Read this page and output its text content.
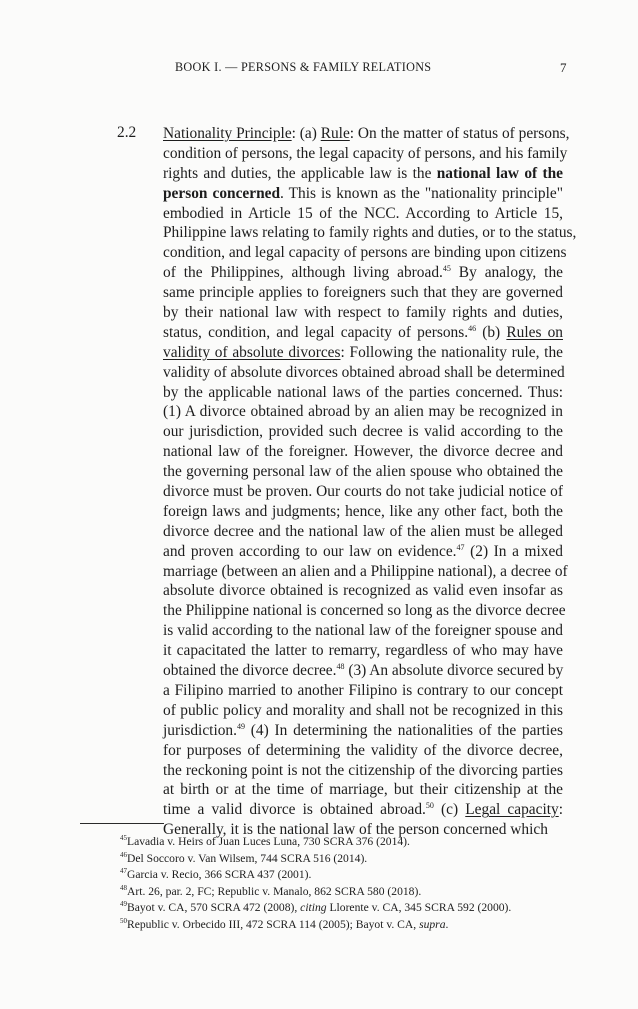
BOOK I. — PERSONS & FAMILY RELATIONS	7
2.2 Nationality Principle: (a) Rule: On the matter of status of persons,
condition of persons, the legal capacity of persons, and his family
rights and duties, the applicable law is the national law of the
person concerned. This is known as the "nationality principle"
embodied in Article 15 of the NCC. According to Article 15,
Philippine laws relating to family rights and duties, or to the status,
condition, and legal capacity of persons are binding upon citizens
of the Philippines, although living abroad.$^{45}$ By analogy, the
same principle applies to foreigners such that they are governed
by their national law with respect to family rights and duties,
status, condition, and legal capacity of persons.$^{46}$ (b) Rules on
validity of absolute divorces: Following the nationality rule, the
validity of absolute divorces obtained abroad shall be determined
by the applicable national laws of the parties concerned. Thus:
(1) A divorce obtained abroad by an alien may be recognized in
our jurisdiction, provided such decree is valid according to the
national law of the foreigner. However, the divorce decree and
the governing personal law of the alien spouse who obtained the
divorce must be proven. Our courts do not take judicial notice of
foreign laws and judgments; hence, like any other fact, both the
divorce decree and the national law of the alien must be alleged
and proven according to our law on evidence.$^{47}$ (2) In a mixed
marriage (between an alien and a Philippine national), a decree of
absolute divorce obtained is recognized as valid even insofar as
the Philippine national is concerned so long as the divorce decree
is valid according to the national law of the foreigner spouse and
it capacitated the latter to remarry, regardless of who may have
obtained the divorce decree.$^{48}$ (3) An absolute divorce secured by
a Filipino married to another Filipino is contrary to our concept
of public policy and morality and shall not be recognized in this
jurisdiction.$^{49}$ (4) In determining the nationalities of the parties
for purposes of determining the validity of the divorce decree,
the reckoning point is not the citizenship of the divorcing parties
at birth or at the time of marriage, but their citizenship at the
time a valid divorce is obtained abroad.$^{50}$ (c) Legal capacity:
Generally, it is the national law of the person concerned which
$^{45}$Lavadia v. Heirs of Juan Luces Luna, 730 SCRA 376 (2014).
$^{46}$Del Soccoro v. Van Wilsem, 744 SCRA 516 (2014).
$^{47}$Garcia v. Recio, 366 SCRA 437 (2001).
$^{48}$Art. 26, par. 2, FC; Republic v. Manalo, 862 SCRA 580 (2018).
$^{49}$Bayot v. CA, 570 SCRA 472 (2008), citing Llorente v. CA, 345 SCRA 592 (2000).
$^{50}$Republic v. Orbecido III, 472 SCRA 114 (2005); Bayot v. CA, supra.
